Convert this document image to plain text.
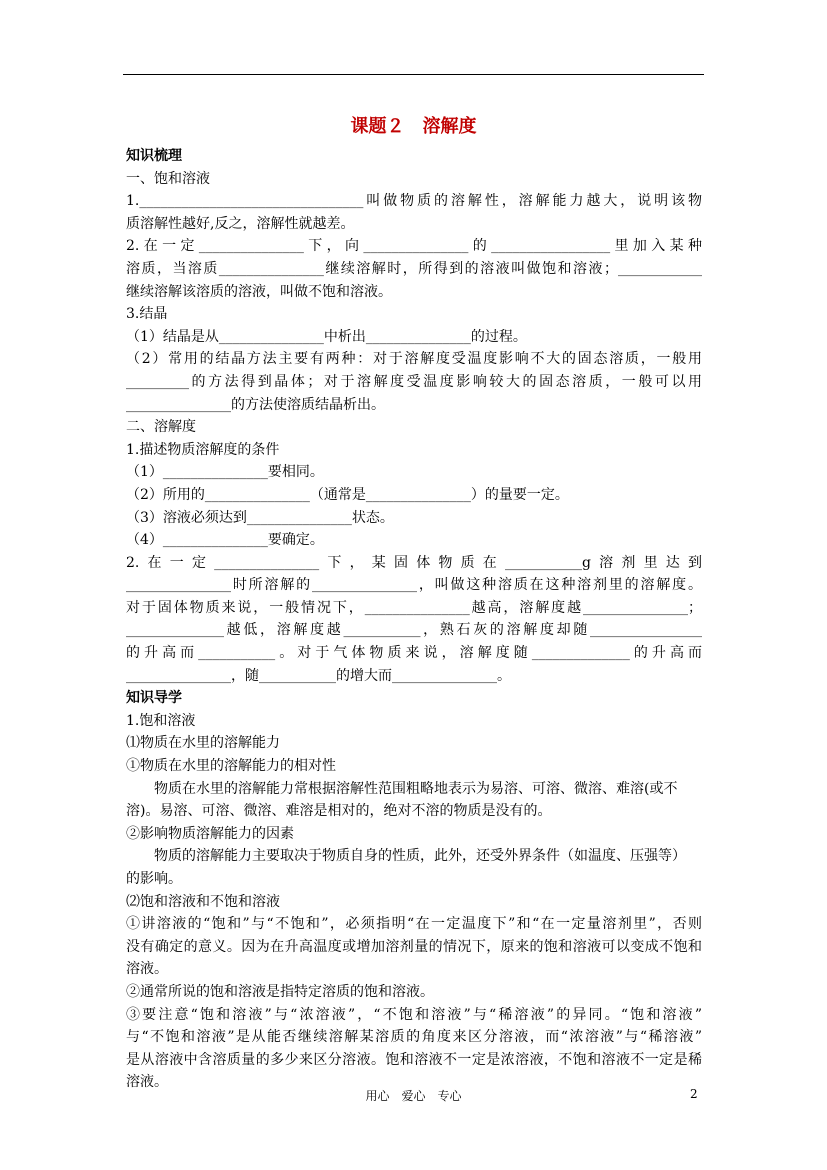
课题２　溶解度

知识梳理

一、饱和溶液

1.________________________________叫做物质的溶解性，溶解能力越大，说明该物

质溶解性越好,反之，溶解性就越差。

2.在一定_______________下，向_______________的_________________里加入某种

溶质，当溶质_______________继续溶解时，所得到的溶液叫做饱和溶液；____________

继续溶解该溶质的溶液，叫做不饱和溶液。

3.结晶

（1）结晶是从_______________中析出_______________的过程。

（2）常用的结晶方法主要有两种：对于溶解度受温度影响不大的固态溶质，一般用

_________的方法得到晶体；对于溶解度受温度影响较大的固态溶质，一般可以用

_______________的方法使溶质结晶析出。

二、溶解度

1.描述物质溶解度的条件

（1）_______________要相同。

（2）所用的_______________（通常是_______________）的量要一定。

（3）溶液必须达到_______________状态。

（4）_______________要确定。

2.在一定_______________下，某固体物质在___________g溶剂里达到

_______________时所溶解的_______________，叫做这种溶质在这种溶剂里的溶解度。

对于固体物质来说，一般情况下，_______________越高，溶解度越_______________；

______________越低，溶解度越___________，熟石灰的溶解度却随________________

的升高而___________。对于气体物质来说，溶解度随______________的升高而

_______________，随___________的增大而_______________。

知识导学

1.饱和溶液

⑴物质在水里的溶解能力

①物质在水里的溶解能力的相对性

物质在水里的溶解能力常根据溶解性范围粗略地表示为易溶、可溶、微溶、难溶(或不

溶)。易溶、可溶、微溶、难溶是相对的，绝对不溶的物质是没有的。

②影响物质溶解能力的因素

物质的溶解能力主要取决于物质自身的性质，此外，还受外界条件（如温度、压强等）

的影响。

⑵饱和溶液和不饱和溶液

①讲溶液的“饱和”与“不饱和”，必须指明“在一定温度下”和“在一定量溶剂里”，否则

没有确定的意义。因为在升高温度或增加溶剂量的情况下，原来的饱和溶液可以变成不饱和

溶液。

②通常所说的饱和溶液是指特定溶质的饱和溶液。

③要注意“饱和溶液”与“浓溶液”，“不饱和溶液”与“稀溶液”的异同。“饱和溶液”

与“不饱和溶液”是从能否继续溶解某溶质的角度来区分溶液，而“浓溶液”与“稀溶液”

是从溶液中含溶质量的多少来区分溶液。饱和溶液不一定是浓溶液，不饱和溶液不一定是稀

溶液。

用心　爱心　专心	2
